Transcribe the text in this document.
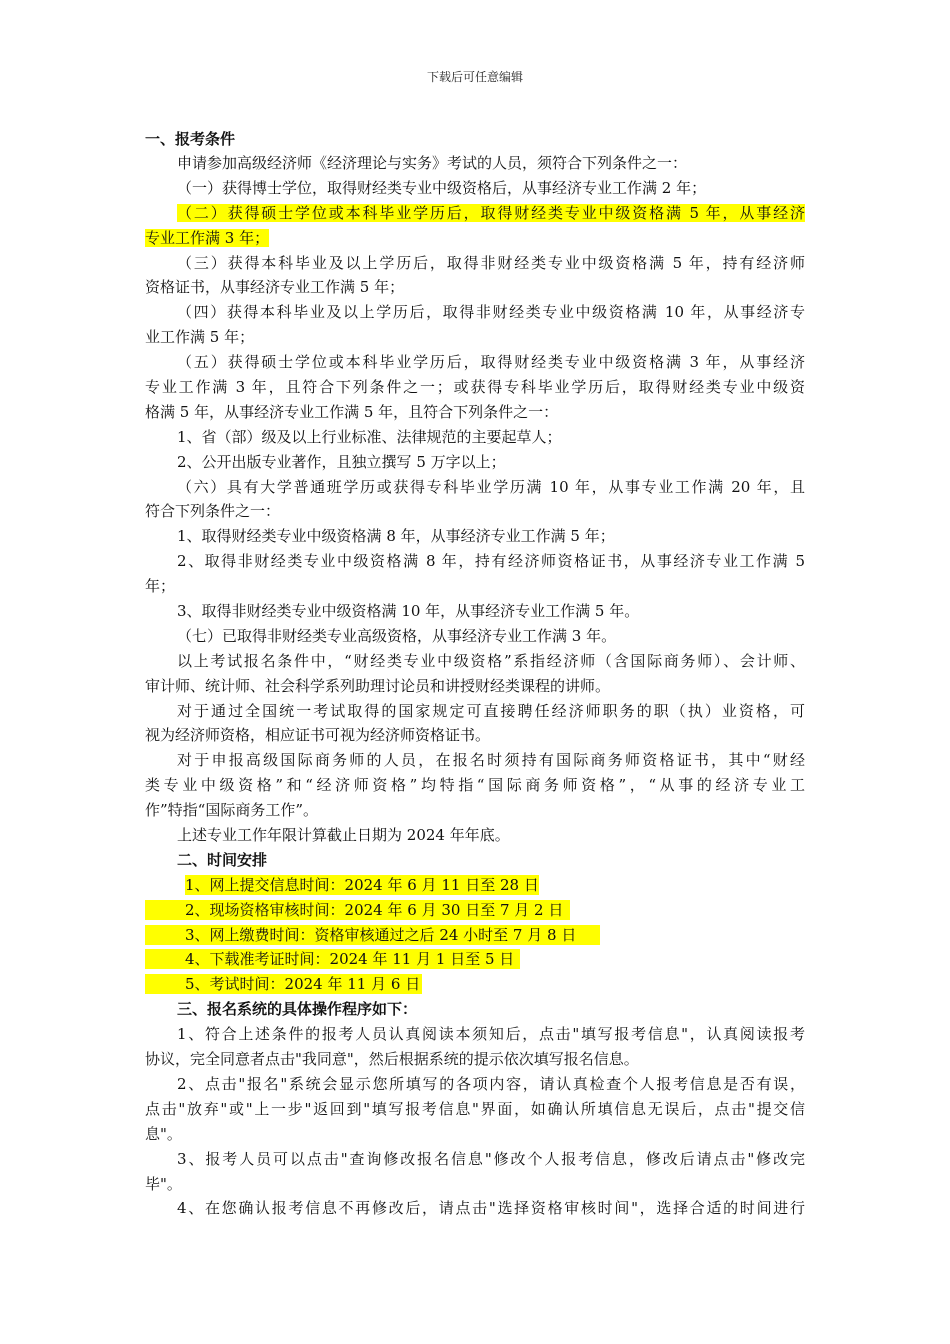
下载后可任意编辑
一、报考条件
申请参加高级经济师《经济理论与实务》考试的人员，须符合下列条件之一：
（一）获得博士学位，取得财经类专业中级资格后，从事经济专业工作满 2 年；
（二）获得硕士学位或本科毕业学历后，取得财经类专业中级资格满 5 年，从事经济
专业工作满 3 年；
（三）获得本科毕业及以上学历后，取得非财经类专业中级资格满 5 年，持有经济师
资格证书，从事经济专业工作满 5 年；
（四）获得本科毕业及以上学历后，取得非财经类专业中级资格满 10 年，从事经济专
业工作满 5 年；
（五）获得硕士学位或本科毕业学历后，取得财经类专业中级资格满 3 年，从事经济
专业工作满 3 年，且符合下列条件之一；或获得专科毕业学历后，取得财经类专业中级资
格满 5 年，从事经济专业工作满 5 年，且符合下列条件之一：
1、省（部）级及以上行业标准、法律规范的主要起草人；
2、公开出版专业著作，且独立撰写 5 万字以上；
（六）具有大学普通班学历或获得专科毕业学历满 10 年，从事专业工作满 20 年，且
符合下列条件之一：
1、取得财经类专业中级资格满 8 年，从事经济专业工作满 5 年；
2、取得非财经类专业中级资格满 8 年，持有经济师资格证书，从事经济专业工作满 5
年；
3、取得非财经类专业中级资格满 10 年，从事经济专业工作满 5 年。
（七）已取得非财经类专业高级资格，从事经济专业工作满 3 年。
以上考试报名条件中，“财经类专业中级资格”系指经济师（含国际商务师）、会计师、
审计师、统计师、社会科学系列助理讨论员和讲授财经类课程的讲师。
对于通过全国统一考试取得的国家规定可直接聘任经济师职务的职（执）业资格，可
视为经济师资格，相应证书可视为经济师资格证书。
对于申报高级国际商务师的人员，在报名时须持有国际商务师资格证书，其中“财经
类专业中级资格”和“经济师资格”均特指“国际商务师资格”，“从事的经济专业工
作”特指“国际商务工作”。
上述专业工作年限计算截止日期为 2024 年年底。
二、时间安排
1、网上提交信息时间：2024 年 6 月 11 日至 28 日
2、现场资格审核时间：2024 年 6 月 30 日至 7 月 2 日
3、网上缴费时间：资格审核通过之后 24 小时至 7 月 8 日
4、下载准考证时间：2024 年 11 月 1 日至 5 日
5、考试时间：2024 年 11 月 6 日
三、报名系统的具体操作程序如下：
1、符合上述条件的报考人员认真阅读本须知后，点击"填写报考信息"，认真阅读报考
协议，完全同意者点击"我同意"，然后根据系统的提示依次填写报名信息。
2、点击"报名"系统会显示您所填写的各项内容，请认真检查个人报考信息是否有误，
点击"放弃"或"上一步"返回到"填写报考信息"界面，如确认所填信息无误后，点击"提交信
息"。
3、报考人员可以点击"查询修改报名信息"修改个人报考信息，修改后请点击"修改完
毕"。
4、在您确认报考信息不再修改后，请点击"选择资格审核时间"，选择合适的时间进行
